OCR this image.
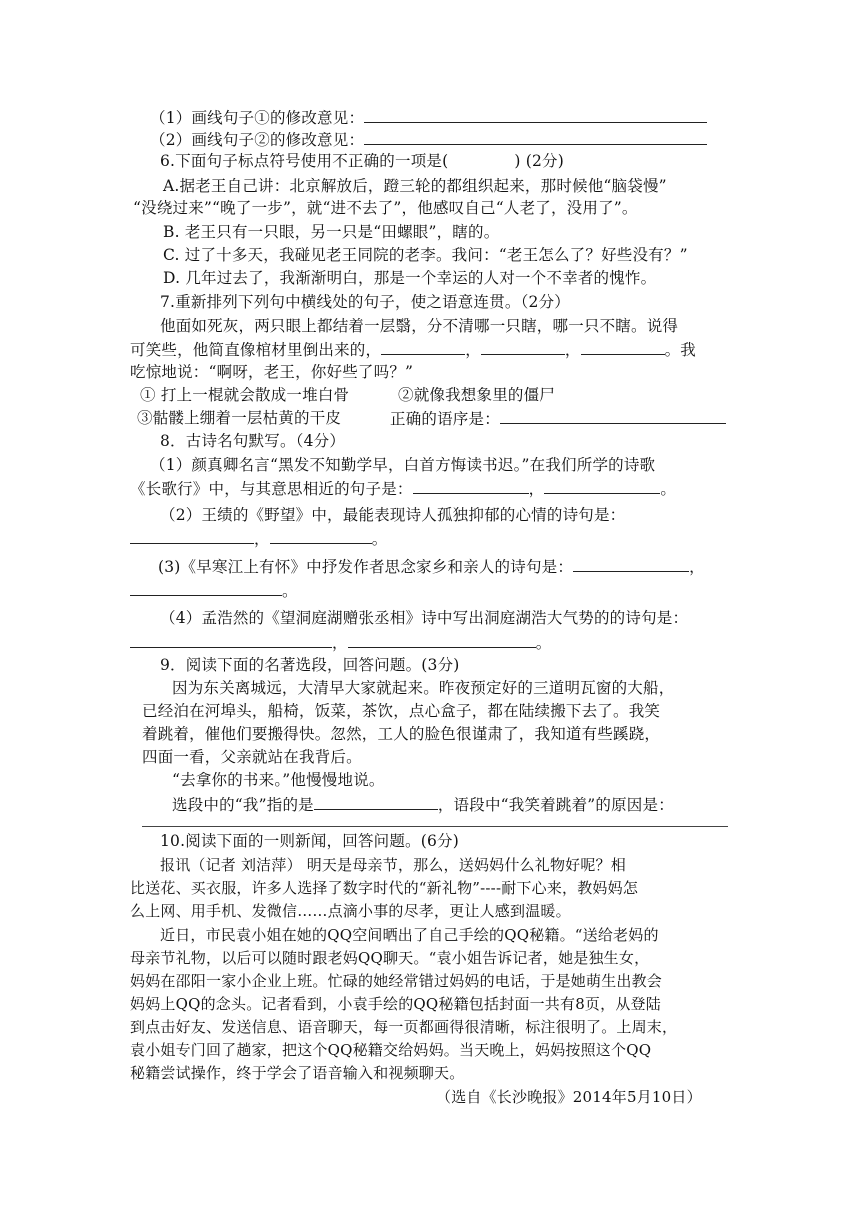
（1）画线句子①的修改意见：
（2）画线句子②的修改意见：
6.下面句子标点符号使用不正确的一项是(	) (2分)
A.据老王自己讲：北京解放后，蹬三轮的都组织起来，那时候他“脑袋慢”
“没绕过来”“晚了一步”，就“进不去了”，他感叹自己“人老了，没用了”。
B. 老王只有一只眼，另一只是“田螺眼”，瞎的。
C. 过了十多天，我碰见老王同院的老李。我问：“老王怎么了？好些没有？”
D. 几年过去了，我渐渐明白，那是一个幸运的人对一个不幸者的愧怍。
7.重新排列下列句中横线处的句子，使之语意连贯。（2分）
他面如死灰，两只眼上都结着一层翳，分不清哪一只瞎，哪一只不瞎。说得
可笑些，他简直像棺材里倒出来的，	，	，	。我
吃惊地说：“啊呀，老王，你好些了吗？”
① 打上一棍就会散成一堆白骨	②就像我想象里的僵尸
③骷髅上绷着一层枯黄的干皮	正确的语序是：
8．古诗名句默写。（4分）
（1）颜真卿名言“黑发不知勤学早，白首方悔读书迟。”在我们所学的诗歌
《长歌行》中，与其意思相近的句子是：	，	。
（2）王绩的《野望》中，最能表现诗人孤独抑郁的心情的诗句是：
，	。
(3)《早寒江上有怀》中抒发作者思念家乡和亲人的诗句是：	，
。
（4）孟浩然的《望洞庭湖赠张丞相》诗中写出洞庭湖浩大气势的的诗句是：
，	。
9．阅读下面的名著选段，回答问题。(3分)
因为东关离城远，大清早大家就起来。昨夜预定好的三道明瓦窗的大船，
已经泊在河埠头，船椅，饭菜，茶饮，点心盒子，都在陆续搬下去了。我笑
着跳着，催他们要搬得快。忽然，工人的脸色很谨肃了，我知道有些蹊跷，
四面一看，父亲就站在我背后。
“去拿你的书来。”他慢慢地说。
选段中的“我”指的是	，语段中“我笑着跳着”的原因是：
10.阅读下面的一则新闻，回答问题。(6分)
报讯（记者 刘洁萍） 明天是母亲节，那么，送妈妈什么礼物好呢？相
比送花、买衣服，许多人选择了数字时代的“新礼物”----耐下心来，教妈妈怎
么上网、用手机、发微信……点滴小事的尽孝，更让人感到温暖。
近日，市民袁小姐在她的QQ空间晒出了自己手绘的QQ秘籍。“送给老妈的
母亲节礼物，以后可以随时跟老妈QQ聊天。“袁小姐告诉记者，她是独生女，
妈妈在邵阳一家小企业上班。忙碌的她经常错过妈妈的电话，于是她萌生出教会
妈妈上QQ的念头。记者看到，小袁手绘的QQ秘籍包括封面一共有8页，从登陆
到点击好友、发送信息、语音聊天，每一页都画得很清晰，标注很明了。上周末，
袁小姐专门回了趟家，把这个QQ秘籍交给妈妈。当天晚上，妈妈按照这个QQ
秘籍尝试操作，终于学会了语音输入和视频聊天。
（选自《长沙晚报》2014年5月10日）
